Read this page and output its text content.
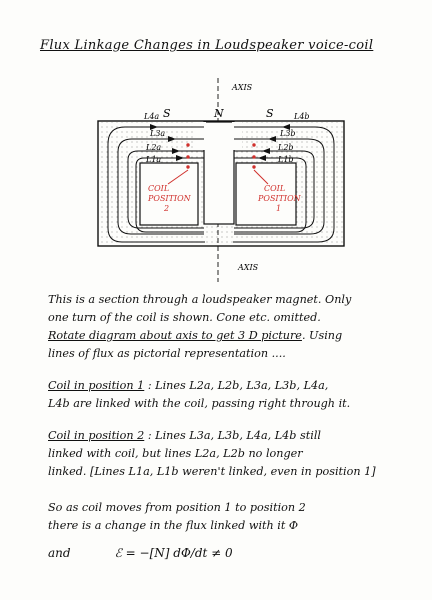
Flux Linkage Changes in Loudspeaker voice-coil
AXIS
AXIS
N
S	S
L4a
L3a
L2a
L1a
L4b
L3b
L2b
L1b
COIL
POSITION
2
COIL
POSITION
1
This is a section through a loudspeaker magnet. Only
one turn of the coil is shown. Cone etc. omitted.
Rotate diagram about axis to get 3 D picture. Using
lines of flux as pictorial representation ....
Coil in position 1 : Lines L2a, L2b, L3a, L3b, L4a,
L4b are linked with the coil, passing right through it.
Coil in position 2 : Lines L3a, L3b, L4a, L4b still
linked with coil, but lines L2a, L2b no longer
linked. [Lines L1a, L1b weren't linked, even in position 1]
So as coil moves from position 1 to position 2
there is a change in the flux linked with it Φ
and	ℰ = −[N] dΦ/dt ≠ 0
